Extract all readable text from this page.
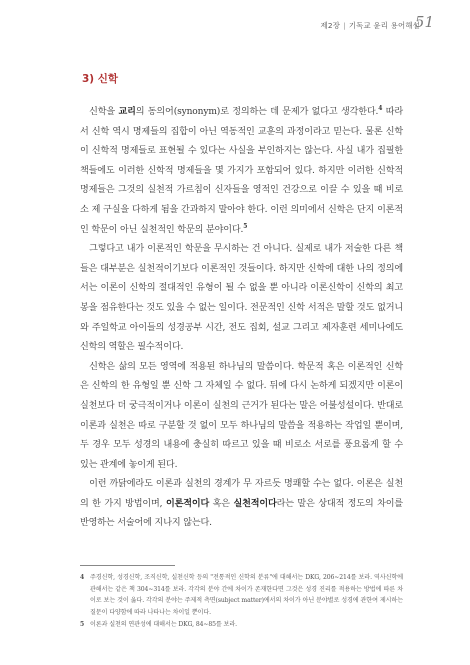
제2장 | 기독교 윤리 용어해설
51
3) 신학

신학을 교리의 동의어(synonym)로 정의하는 데 문제가 없다고 생각한다.$^4$ 따라서 신학 역시 명제들의 집합이 아닌 역동적인 교훈의 과정이라고 믿는다. 물론 신학이 신학적 명제들로 표현될 수 있다는 사실을 부인하지는 않는다. 사실 내가 집필한 책들에도 이러한 신학적 명제들을 몇 가지가 포함되어 있다. 하지만 이러한 신학적 명제들은 그것의 실천적 가르침이 신자들을 영적인 건강으로 이끌 수 있을 때 비로소 제 구실을 다하게 됨을 간과하지 말아야 한다. 이런 의미에서 신학은 단지 이론적인 학문이 아닌 실천적인 학문의 분야이다.$^5$

그렇다고 내가 이론적인 학문을 무시하는 건 아니다. 실제로 내가 저술한 다른 책들은 대부분은 실천적이기보다 이론적인 것들이다. 하지만 신학에 대한 나의 정의에서는 이론이 신학의 절대적인 유형이 될 수 없을 뿐 아니라 이론신학이 신학의 최고봉을 점유한다는 것도 있을 수 없는 일이다. 전문적인 신학 서적은 말할 것도 없거니와 주일학교 아이들의 성경공부 시간, 전도 집회, 설교 그리고 제자훈련 세미나에도 신학의 역할은 필수적이다.

신학은 삶의 모든 영역에 적용된 하나님의 말씀이다. 학문적 혹은 이론적인 신학은 신학의 한 유형일 뿐 신학 그 자체일 수 없다. 뒤에 다시 논하게 되겠지만 이론이 실천보다 더 궁극적이거나 이론이 실천의 근거가 된다는 말은 어불성설이다. 반대로 이론과 실천은 따로 구분할 것 없이 모두 하나님의 말씀을 적용하는 작업일 뿐이며, 두 경우 모두 성경의 내용에 충실히 따르고 있을 때 비로소 서로를 풍요롭게 할 수 있는 관계에 놓이게 된다.

이런 까닭에라도 이론과 실천의 경계가 무 자르듯 명쾌할 수는 없다. 이론은 실천의 한 가지 방법이며, 이론적이다 혹은 실천적이다라는 말은 상대적 정도의 차이를 반영하는 서술어에 지나지 않는다.

4 주경신학, 성경신학, 조직신학, 실천신학 등의 "전통적인 신학의 분류"에 대해서는 DKG, 206~214를 보라. 역사신학에 관해서는 같은 책 304~314를 보라. 각각의 분야 간에 차이가 존재한다면 그것은 성경 진리를 적용하는 방법에 따른 차이로 보는 것이 옳다. 각각의 분야는 주제적 측면(subject matter)에서의 차이가 아닌 분야별로 성경에 관한여 제시하는 질문이 다양함에 따라 나타나는 차이일 뿐이다.
5 이론과 실천의 연관성에 대해서는 DKG, 84~85를 보라.
